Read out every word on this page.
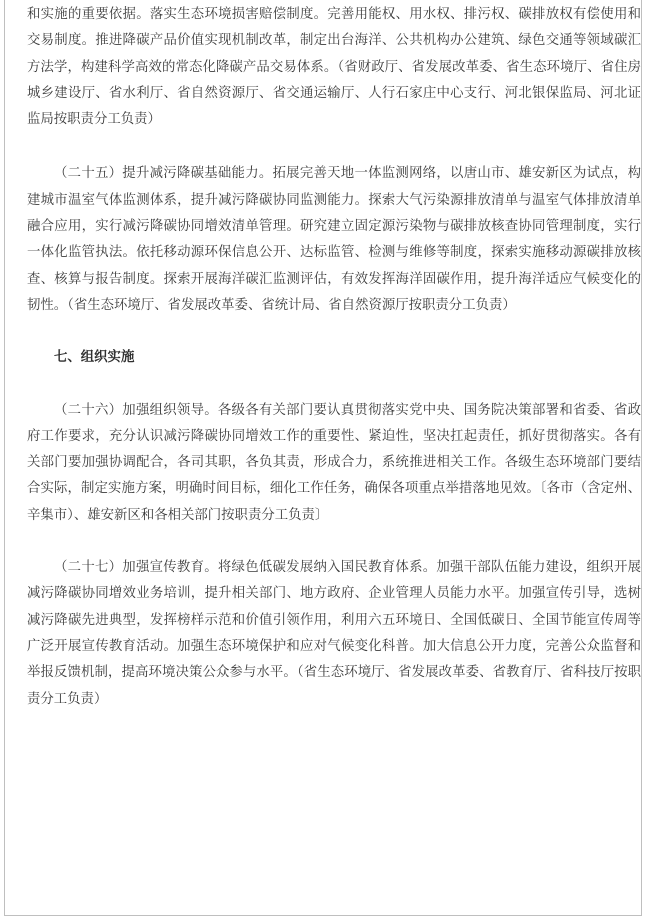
和实施的重要依据。落实生态环境损害赔偿制度。完善用能权、用水权、排污权、碳排放权有偿使用和交易制度。推进降碳产品价值实现机制改革，制定出台海洋、公共机构办公建筑、绿色交通等领域碳汇方法学，构建科学高效的常态化降碳产品交易体系。（省财政厅、省发展改革委、省生态环境厅、省住房城乡建设厅、省水利厅、省自然资源厅、省交通运输厅、人行石家庄中心支行、河北银保监局、河北证监局按职责分工负责）

（二十五）提升减污降碳基础能力。拓展完善天地一体监测网络，以唐山市、雄安新区为试点，构建城市温室气体监测体系，提升减污降碳协同监测能力。探索大气污染源排放清单与温室气体排放清单融合应用，实行减污降碳协同增效清单管理。研究建立固定源污染物与碳排放核查协同管理制度，实行一体化监管执法。依托移动源环保信息公开、达标监管、检测与维修等制度，探索实施移动源碳排放核查、核算与报告制度。探索开展海洋碳汇监测评估，有效发挥海洋固碳作用，提升海洋适应气候变化的韧性。（省生态环境厅、省发展改革委、省统计局、省自然资源厅按职责分工负责）

七、组织实施

（二十六）加强组织领导。各级各有关部门要认真贯彻落实党中央、国务院决策部署和省委、省政府工作要求，充分认识减污降碳协同增效工作的重要性、紧迫性，坚决扛起责任，抓好贯彻落实。各有关部门要加强协调配合，各司其职，各负其责，形成合力，系统推进相关工作。各级生态环境部门要结合实际，制定实施方案，明确时间目标，细化工作任务，确保各项重点举措落地见效。〔各市（含定州、辛集市）、雄安新区和各相关部门按职责分工负责〕

（二十七）加强宣传教育。将绿色低碳发展纳入国民教育体系。加强干部队伍能力建设，组织开展减污降碳协同增效业务培训，提升相关部门、地方政府、企业管理人员能力水平。加强宣传引导，选树减污降碳先进典型，发挥榜样示范和价值引领作用，利用六五环境日、全国低碳日、全国节能宣传周等广泛开展宣传教育活动。加强生态环境保护和应对气候变化科普。加大信息公开力度，完善公众监督和举报反馈机制，提高环境决策公众参与水平。（省生态环境厅、省发展改革委、省教育厅、省科技厅按职责分工负责）
